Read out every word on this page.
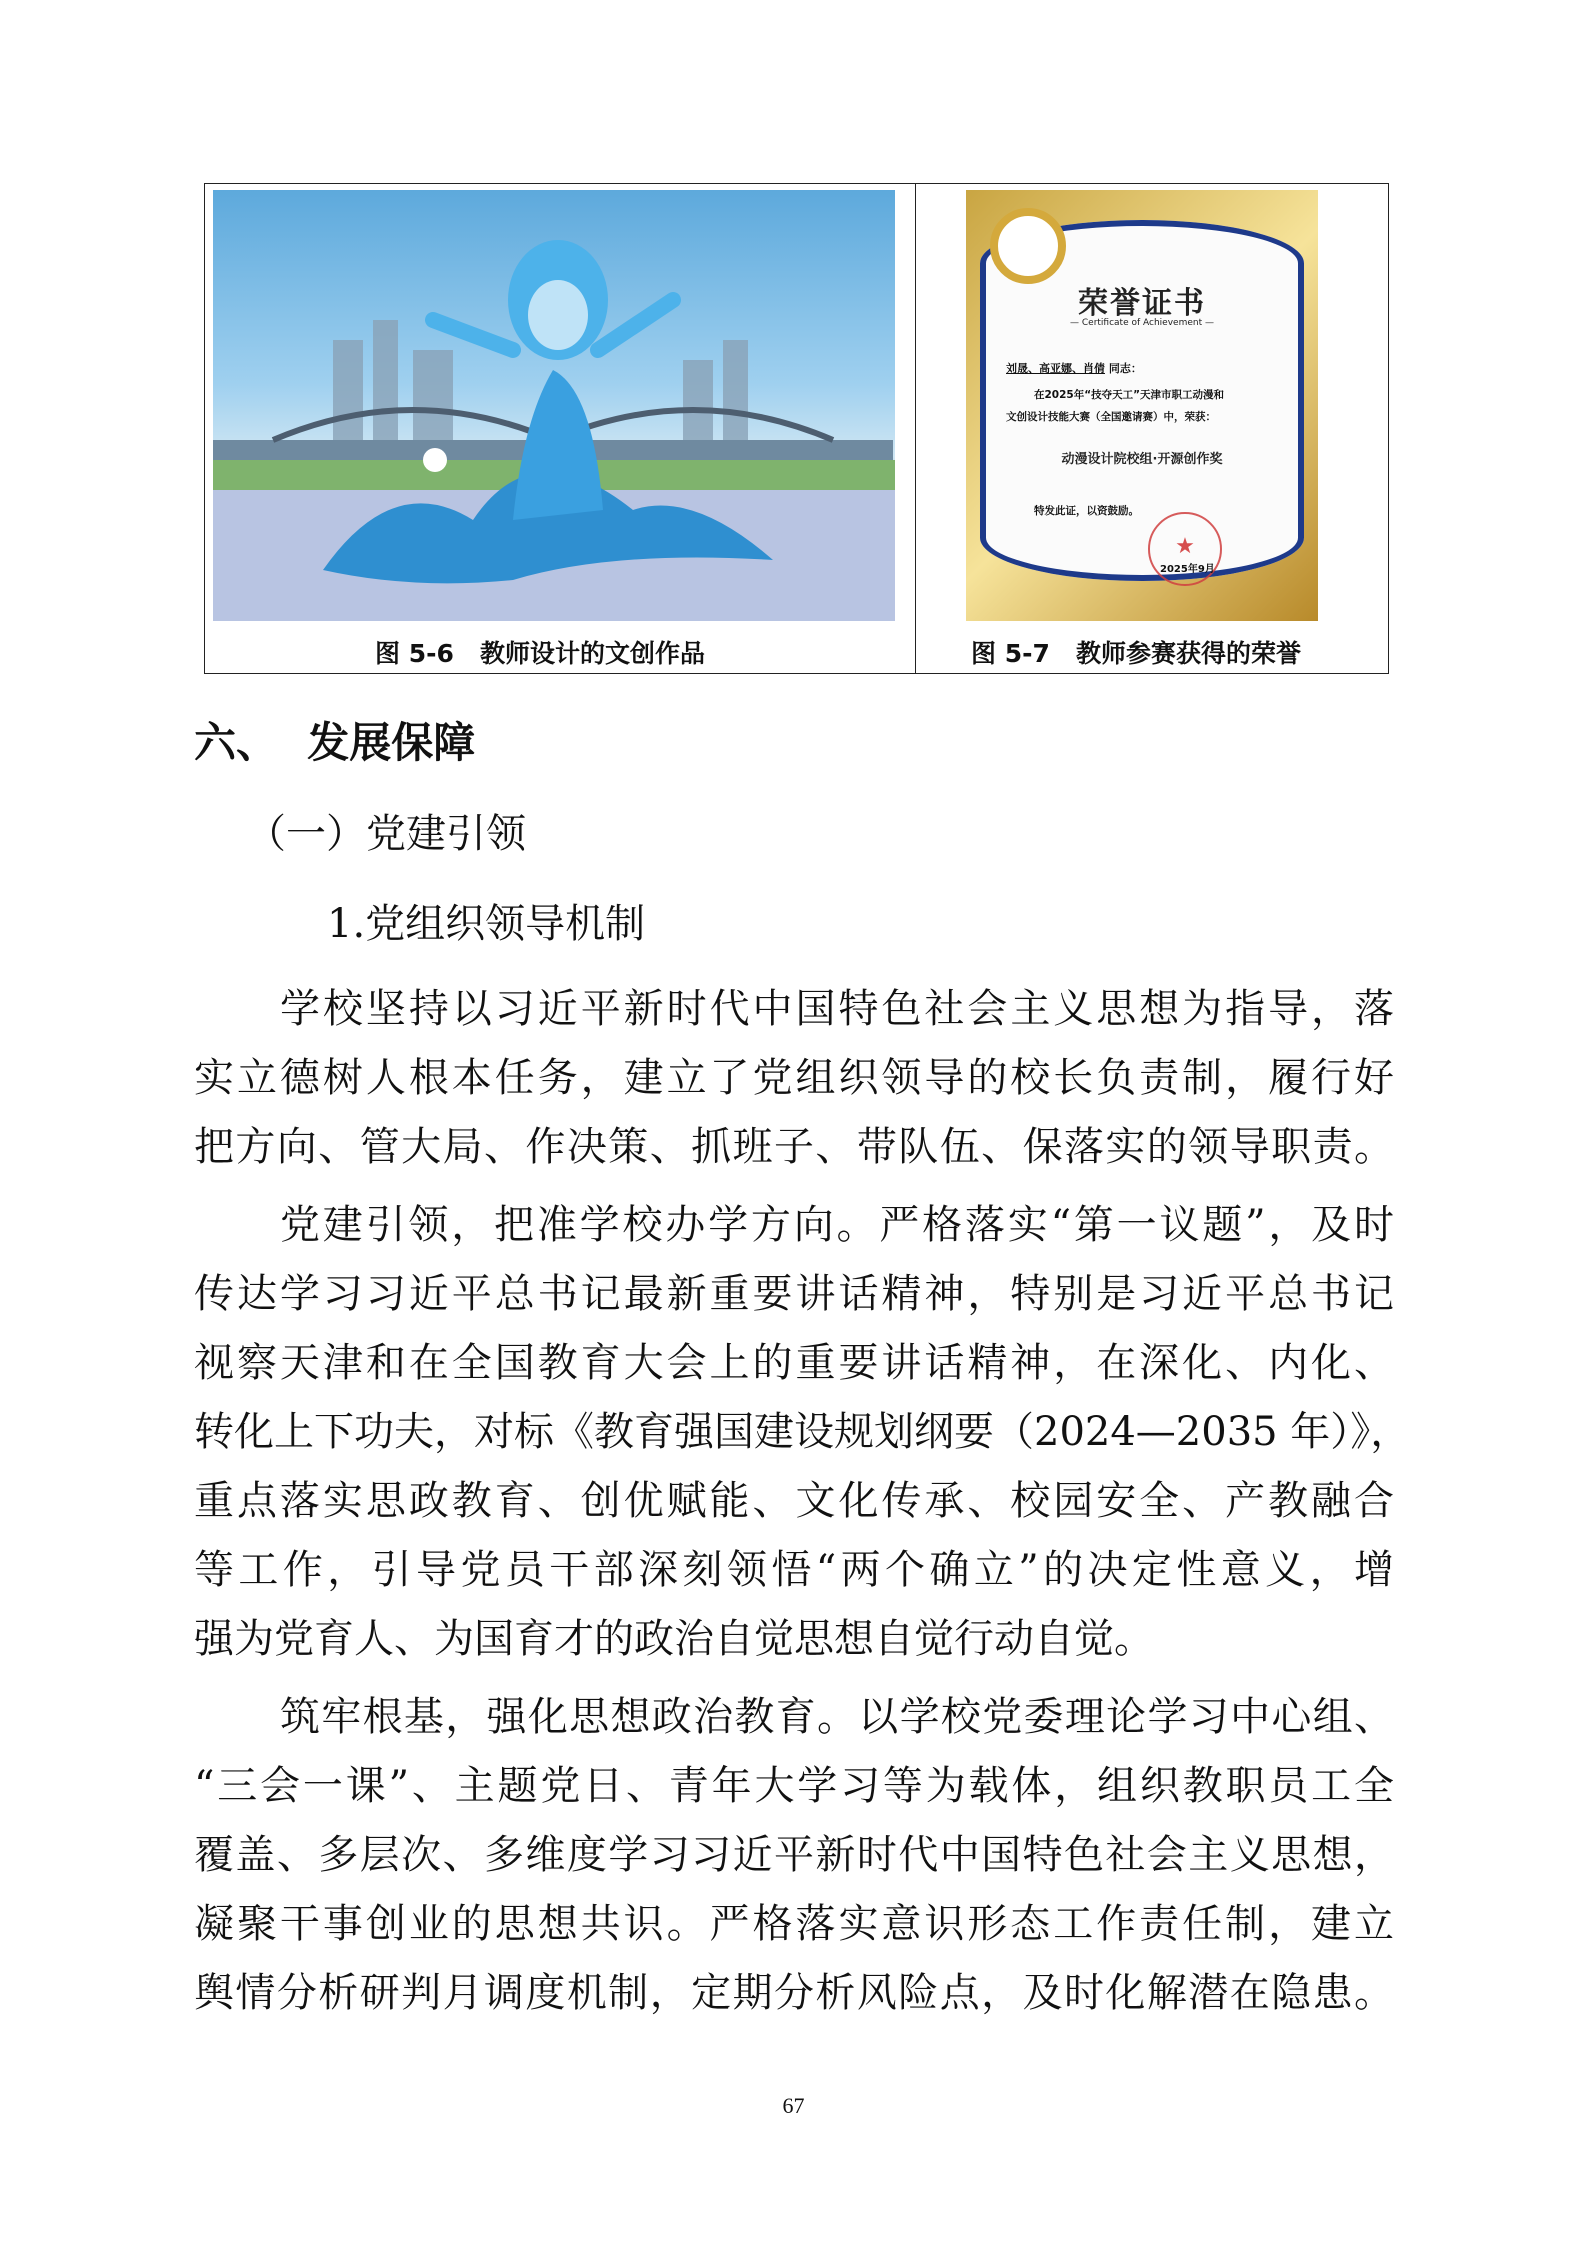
荣誉证书
— Certificate of Achievement —
刘晟、高亚娜、肖倩 同志：
在2025年“技夺天工”天津市职工动漫和
文创设计技能大赛（全国邀请赛）中，荣获：
动漫设计院校组·开源创作奖
特发此证，以资鼓励。
★
2025年9月
图 5-6   教师设计的文创作品	图 5-7   教师参赛获得的荣誉
六、  发展保障
（一）党建引领
1.党组织领导机制
学校坚持以习近平新时代中国特色社会主义思想为指导，落
实立德树人根本任务，建立了党组织领导的校长负责制，履行好
把方向、管大局、作决策、抓班子、带队伍、保落实的领导职责。
党建引领，把准学校办学方向。严格落实“第一议题”，及时
传达学习习近平总书记最新重要讲话精神，特别是习近平总书记
视察天津和在全国教育大会上的重要讲话精神，在深化、内化、
转化上下功夫，对标《教育强国建设规划纲要（2024—2035 年）》，
重点落实思政教育、创优赋能、文化传承、校园安全、产教融合
等工作，引导党员干部深刻领悟“两个确立”的决定性意义，增
强为党育人、为国育才的政治自觉思想自觉行动自觉。
筑牢根基，强化思想政治教育。以学校党委理论学习中心组、
“三会一课”、主题党日、青年大学习等为载体，组织教职员工全
覆盖、多层次、多维度学习习近平新时代中国特色社会主义思想，
凝聚干事创业的思想共识。严格落实意识形态工作责任制，建立
舆情分析研判月调度机制，定期分析风险点，及时化解潜在隐患。
67
